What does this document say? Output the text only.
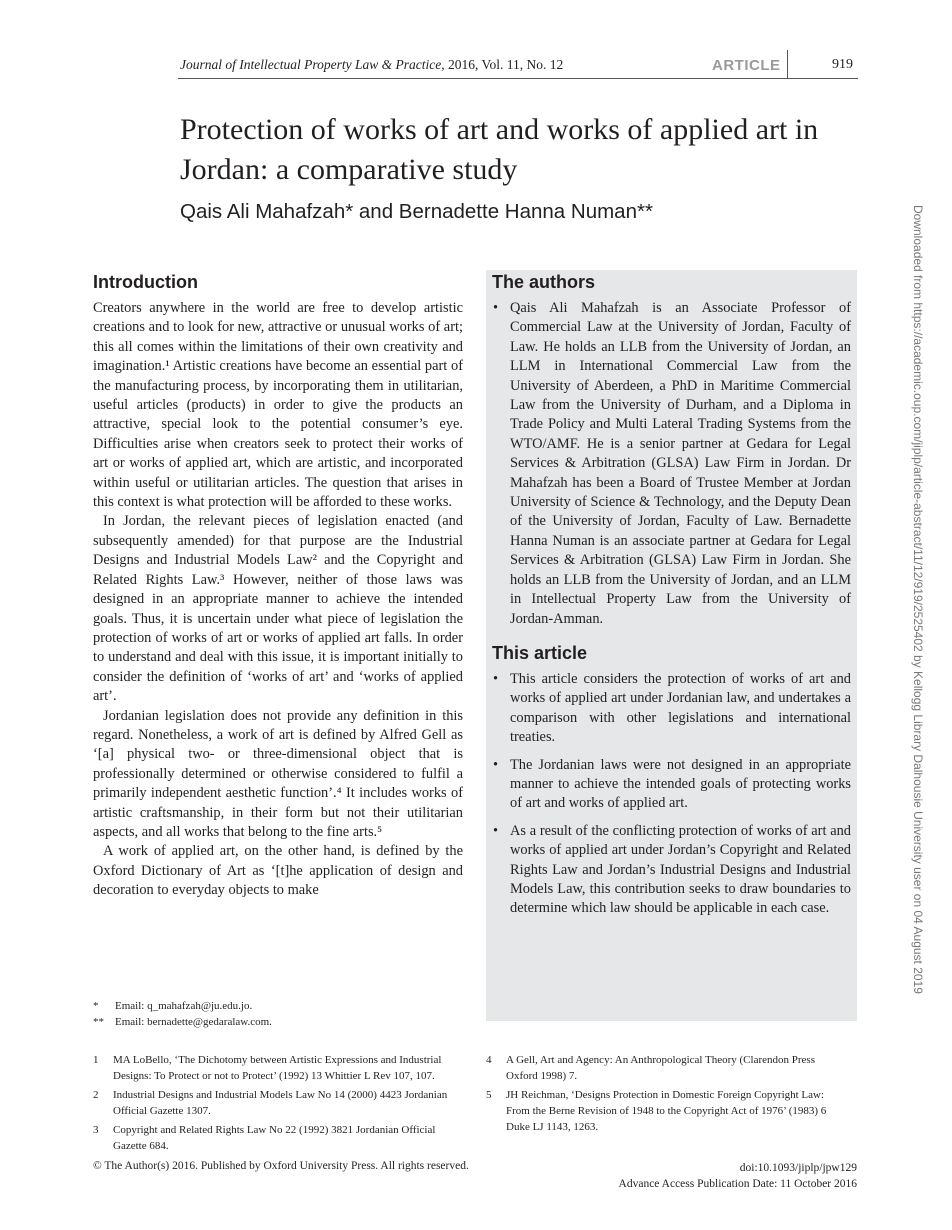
Journal of Intellectual Property Law & Practice, 2016, Vol. 11, No. 12	ARTICLE	919
Protection of works of art and works of applied art in Jordan: a comparative study
Qais Ali Mahafzah* and Bernadette Hanna Numan**
Introduction

Creators anywhere in the world are free to develop artistic creations and to look for new, attractive or unusual works of art; this all comes within the limitations of their own creativity and imagination.¹ Artistic creations have become an essential part of the manufacturing process, by incorporating them in utilitarian, useful articles (products) in order to give the products an attractive, special look to the potential consumer’s eye. Difficulties arise when creators seek to protect their works of art or works of applied art, which are artistic, and incorporated within useful or utilitarian articles. The question that arises in this context is what protection will be afforded to these works.

In Jordan, the relevant pieces of legislation enacted (and subsequently amended) for that purpose are the Industrial Designs and Industrial Models Law² and the Copyright and Related Rights Law.³ However, neither of those laws was designed in an appropriate manner to achieve the intended goals. Thus, it is uncertain under what piece of legislation the protection of works of art or works of applied art falls. In order to understand and deal with this issue, it is important initially to consider the definition of ‘works of art’ and ‘works of applied art’.

Jordanian legislation does not provide any definition in this regard. Nonetheless, a work of art is defined by Alfred Gell as ‘[a] physical two- or three-dimensional object that is professionally determined or otherwise considered to fulfil a primarily independent aesthetic function’.⁴ It includes works of artistic craftsmanship, in their form but not their utilitarian aspects, and all works that belong to the fine arts.⁵

A work of applied art, on the other hand, is defined by the Oxford Dictionary of Art as ‘[t]he application of design and decoration to everyday objects to make

The authors
• Qais Ali Mahafzah is an Associate Professor of Commercial Law at the University of Jordan, Faculty of Law. He holds an LLB from the University of Jordan, an LLM in International Commercial Law from the University of Aberdeen, a PhD in Maritime Commercial Law from the University of Durham, and a Diploma in Trade Policy and Multi Lateral Trading Systems from the WTO/AMF. He is a senior partner at Gedara for Legal Services & Arbitration (GLSA) Law Firm in Jordan. Dr Mahafzah has been a Board of Trustee Member at Jordan University of Science & Technology, and the Deputy Dean of the University of Jordan, Faculty of Law. Bernadette Hanna Numan is an associate partner at Gedara for Legal Services & Arbitration (GLSA) Law Firm in Jordan. She holds an LLB from the University of Jordan, and an LLM in Intellectual Property Law from the University of Jordan-Amman.
This article
• This article considers the protection of works of art and works of applied art under Jordanian law, and undertakes a comparison with other legislations and international treaties.
• The Jordanian laws were not designed in an appropriate manner to achieve the intended goals of protecting works of art and works of applied art.
• As a result of the conflicting protection of works of art and works of applied art under Jordan’s Copyright and Related Rights Law and Jordan’s Industrial Designs and Industrial Models Law, this contribution seeks to draw boundaries to determine which law should be applicable in each case.
* Email: q_mahafzah@ju.edu.jo.
** Email: bernadette@gedaralaw.com.
1 MA LoBello, ‘The Dichotomy between Artistic Expressions and Industrial Designs: To Protect or not to Protect’ (1992) 13 Whittier L Rev 107, 107.
2 Industrial Designs and Industrial Models Law No 14 (2000) 4423 Jordanian Official Gazette 1307.
3 Copyright and Related Rights Law No 22 (1992) 3821 Jordanian Official Gazette 684.
4 A Gell, Art and Agency: An Anthropological Theory (Clarendon Press Oxford 1998) 7.
5 JH Reichman, ‘Designs Protection in Domestic Foreign Copyright Law: From the Berne Revision of 1948 to the Copyright Act of 1976’ (1983) 6 Duke LJ 1143, 1263.
© The Author(s) 2016. Published by Oxford University Press. All rights reserved.	doi:10.1093/jiplp/jpw129
Advance Access Publication Date: 11 October 2016
Downloaded from https://academic.oup.com/jiplp/article-abstract/11/12/919/2525402 by Kellogg Library Dalhousie University user on 04 August 2019
